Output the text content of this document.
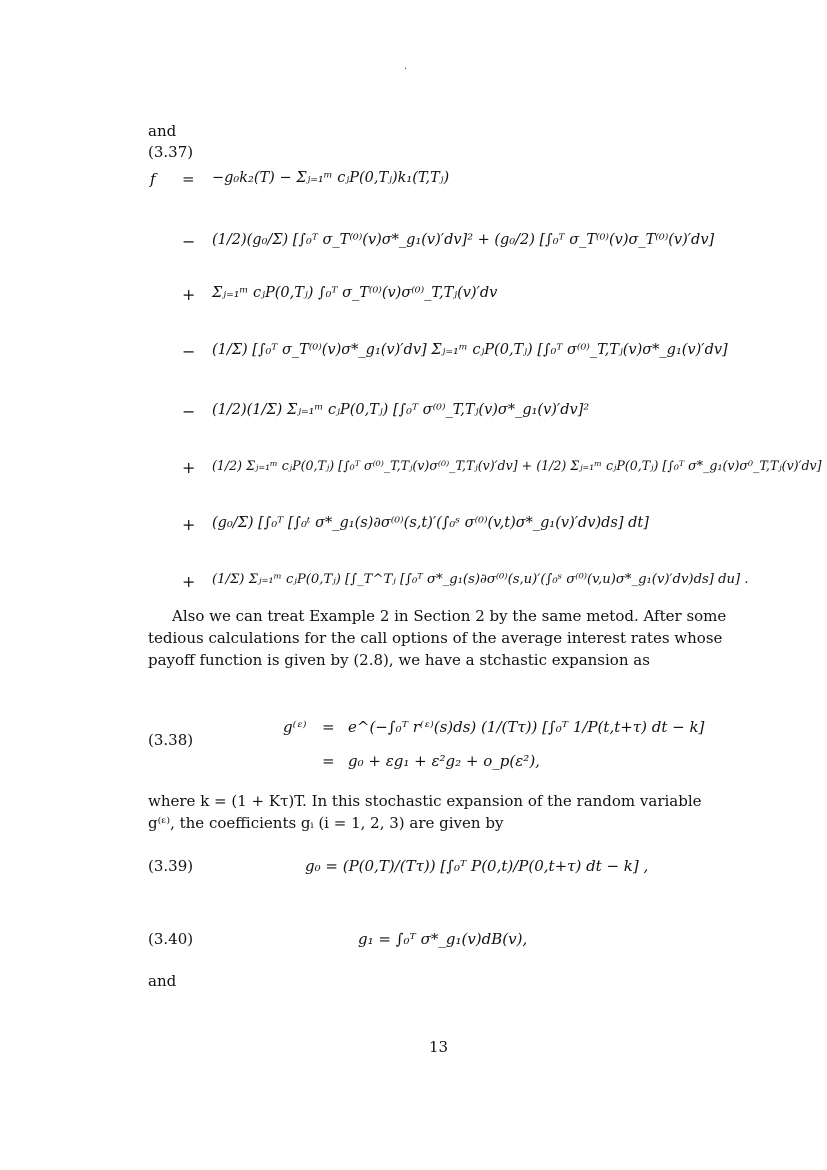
·
and
(3.37)
f = −g₀k₂(T) − Σⱼ₌₁ᵐ cⱼP(0,Tⱼ)k₁(T,Tⱼ)
− (1/2)(g₀/Σ) [∫₀ᵀ σ_T⁽⁰⁾(v)σ*_g₁(v)′dv]² + (g₀/2) [∫₀ᵀ σ_T⁽⁰⁾(v)σ_T⁽⁰⁾(v)′dv]
+ Σⱼ₌₁ᵐ cⱼP(0,Tⱼ) ∫₀ᵀ σ_T⁽⁰⁾(v)σ⁽⁰⁾_T,Tⱼ(v)′dv
− (1/Σ) [∫₀ᵀ σ_T⁽⁰⁾(v)σ*_g₁(v)′dv] Σⱼ₌₁ᵐ cⱼP(0,Tⱼ) [∫₀ᵀ σ⁽⁰⁾_T,Tⱼ(v)σ*_g₁(v)′dv]
− (1/2)(1/Σ) Σⱼ₌₁ᵐ cⱼP(0,Tⱼ) [∫₀ᵀ σ⁽⁰⁾_T,Tⱼ(v)σ*_g₁(v)′dv]²
+ (1/2) Σⱼ₌₁ᵐ cⱼP(0,Tⱼ) [∫₀ᵀ σ⁽⁰⁾_T,Tⱼ(v)σ⁽⁰⁾_T,Tⱼ(v)′dv] + (1/2) Σⱼ₌₁ᵐ cⱼP(0,Tⱼ) [∫₀ᵀ σ*_g₁(v)σ⁰_T,Tⱼ(v)′dv]
+ (g₀/Σ) [∫₀ᵀ [∫₀ᵗ σ*_g₁(s)∂σ⁽⁰⁾(s,t)′(∫₀ˢ σ⁽⁰⁾(v,t)σ*_g₁(v)′dv)ds] dt]
+ (1/Σ) Σⱼ₌₁ᵐ cⱼP(0,Tⱼ) [∫_T^Tⱼ [∫₀ᵀ σ*_g₁(s)∂σ⁽⁰⁾(s,u)′(∫₀ˢ σ⁽⁰⁾(v,u)σ*_g₁(v)′dv)ds] du] .

Also we can treat Example 2 in Section 2 by the same metod. After some tedious calculations for the call options of the average interest rates whose payoff function is given by (2.8), we have a stchastic expansion as

(3.38)
g⁽ᵋ⁾ = e^(−∫₀ᵀ r⁽ᵋ⁾(s)ds) (1/(Tτ)) [∫₀ᵀ 1/P(t,t+τ) dt − k]
= g₀ + εg₁ + ε²g₂ + o_p(ε²),

where k = (1 + Kτ)T. In this stochastic expansion of the random variable g⁽ᵋ⁾, the coefficients gᵢ (i = 1, 2, 3) are given by

(3.39)	g₀ = (P(0,T)/(Tτ)) [∫₀ᵀ P(0,t)/P(0,t+τ) dt − k] ,
(3.40)	g₁ = ∫₀ᵀ σ*_g₁(v)dB(v),
and
13
